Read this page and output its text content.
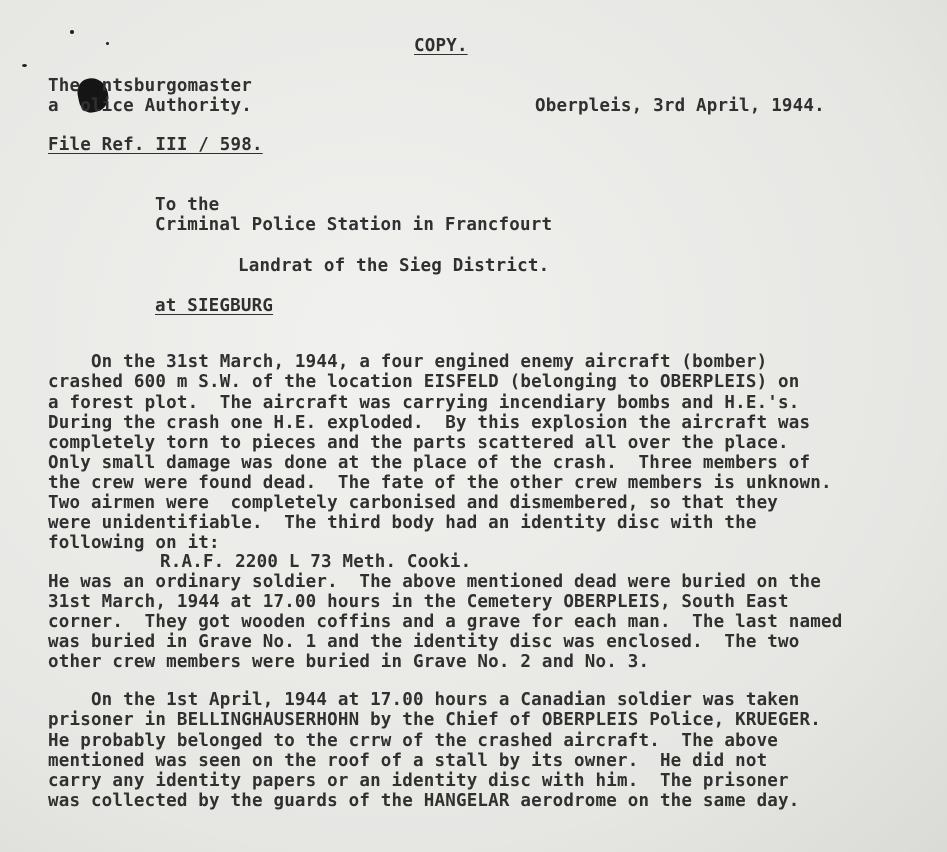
COPY.
The  ntsburgomaster
a  olice Authority.	Oberpleis, 3rd April, 1944.
File Ref. III / 598.
To the
Criminal Police Station in Francfourt
Landrat of the Sieg District.
at SIEGBURG
On the 31st March, 1944, a four engined enemy aircraft (bomber)
crashed 600 m S.W. of the location EISFELD (belonging to OBERPLEIS) on
a forest plot.  The aircraft was carrying incendiary bombs and H.E.'s.
During the crash one H.E. exploded.  By this explosion the aircraft was
completely torn to pieces and the parts scattered all over the place.
Only small damage was done at the place of the crash.  Three members of
the crew were found dead.  The fate of the other crew members is unknown.
Two airmen were  completely carbonised and dismembered, so that they
were unidentifiable.  The third body had an identity disc with the
following on it:
R.A.F. 2200 L 73 Meth. Cooki.
He was an ordinary soldier.  The above mentioned dead were buried on the
31st March, 1944 at 17.00 hours in the Cemetery OBERPLEIS, South East
corner.  They got wooden coffins and a grave for each man.  The last named
was buried in Grave No. 1 and the identity disc was enclosed.  The two
other crew members were buried in Grave No. 2 and No. 3.
On the 1st April, 1944 at 17.00 hours a Canadian soldier was taken
prisoner in BELLINGHAUSERHOHN by the Chief of OBERPLEIS Police, KRUEGER.
He probably belonged to the crrw of the crashed aircraft.  The above
mentioned was seen on the roof of a stall by its owner.  He did not
carry any identity papers or an identity disc with him.  The prisoner
was collected by the guards of the HANGELAR aerodrome on the same day.
